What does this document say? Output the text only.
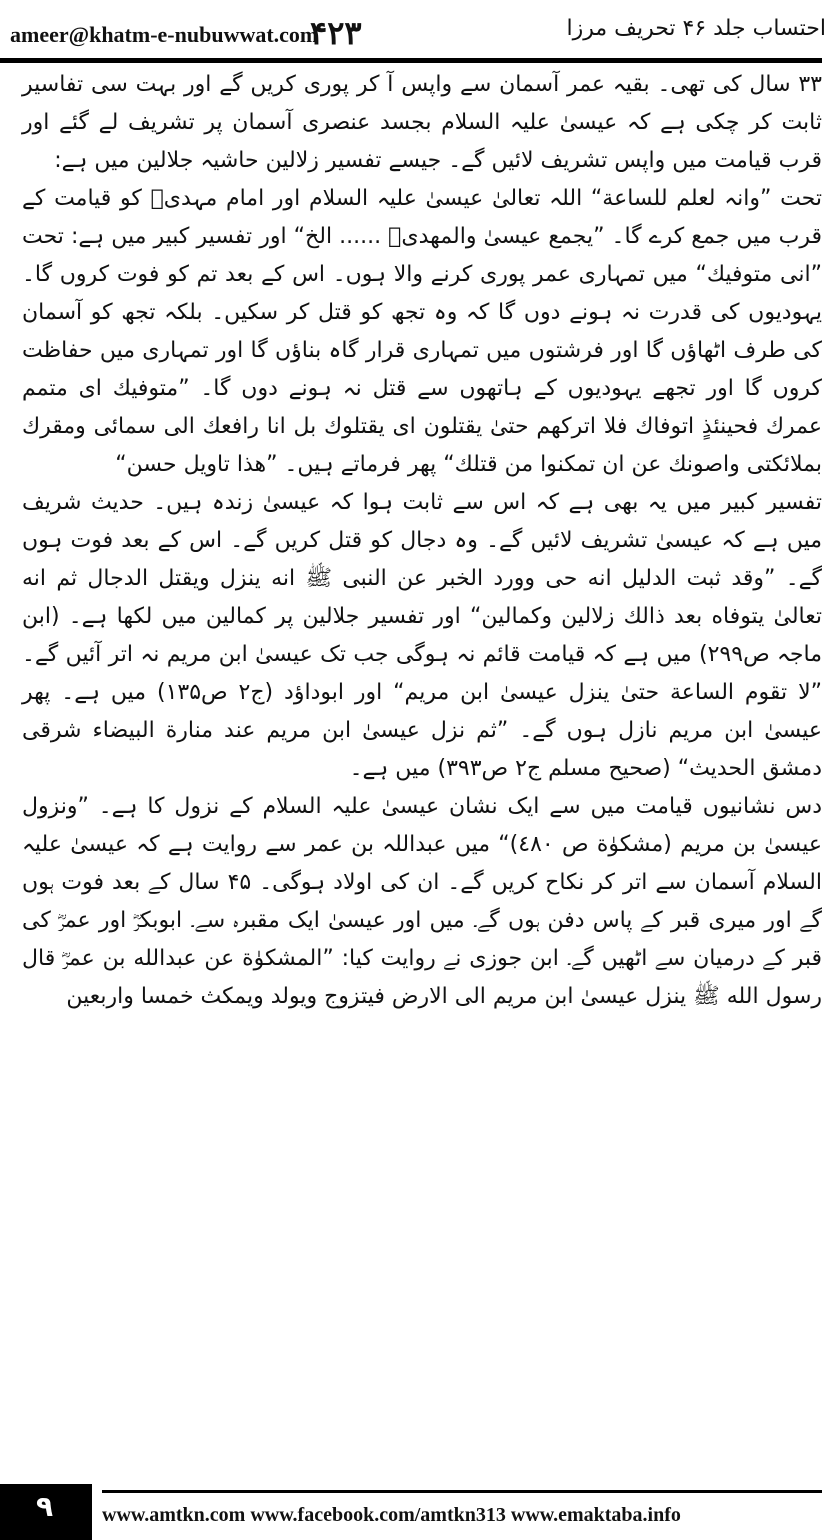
ameer@khatm-e-nubuwwat.com
۴۲۳	احتساب جلد ۴۶ تحریف مرزا

۳۳ سال کی تھی۔ بقیہ عمر آسمان سے واپس آ کر پوری کریں گے اور بہت سی تفاسیر ثابت کر چکی ہے کہ عیسیٰ علیہ السلام بجسد عنصری آسمان پر تشریف لے گئے اور قرب قیامت میں واپس تشریف لائیں گے۔ جیسے تفسیر زلالین حاشیہ جلالین میں ہے:

تحت ”وانہ لعلم للساعة“ اللہ تعالیٰ عیسیٰ علیہ السلام اور امام مہدیؒ کو قیامت کے قرب میں جمع کرے گا۔ ”یجمع عیسیٰ والمهدیؒ ...... الخ“ اور تفسیر کبیر میں ہے: تحت ”انی متوفیك“ میں تمہاری عمر پوری کرنے والا ہوں۔ اس کے بعد تم کو فوت کروں گا۔ یہودیوں کی قدرت نہ ہونے دوں گا کہ وہ تجھ کو قتل کر سکیں۔ بلکہ تجھ کو آسمان کی طرف اٹھاؤں گا اور فرشتوں میں تمہاری قرار گاہ بناؤں گا اور تمہاری میں حفاظت کروں گا اور تجھے یہودیوں کے ہاتھوں سے قتل نہ ہونے دوں گا۔ ”متوفیك ای متمم عمرك فحینئذٍ اتوفاك فلا اترکهم حتیٰ یقتلون ای یقتلوك بل انا رافعك الی سمائی ومقرك بملائكتی واصونك عن ان تمكنوا من قتلك“ پھر فرماتے ہیں۔ ”هذا تاویل حسن“

تفسیر کبیر میں یہ بھی ہے کہ اس سے ثابت ہوا کہ عیسیٰ زندہ ہیں۔ حدیث شریف میں ہے کہ عیسیٰ تشریف لائیں گے۔ وہ دجال کو قتل کریں گے۔ اس کے بعد فوت ہوں گے۔ ”وقد ثبت الدلیل انه حی وورد الخبر عن النبی ﷺ انه ینزل ویقتل الدجال ثم انه تعالیٰ یتوفاه بعد ذالك زلالین وكمالین“ اور تفسیر جلالین پر کمالین میں لکھا ہے۔ (ابن ماجہ ص۲۹۹) میں ہے کہ قیامت قائم نہ ہوگی جب تک عیسیٰ ابن مریم نہ اتر آئیں گے۔ ”لا تقوم الساعة حتیٰ ینزل عیسیٰ ابن مریم“ اور ابوداؤد (ج۲ ص۱۳۵) میں ہے۔ پھر عیسیٰ ابن مریم نازل ہوں گے۔ ”ثم نزل عیسیٰ ابن مریم عند منارة البیضاء شرقی دمشق الحدیث“ (صحیح مسلم ج۲ ص۳۹۳) میں ہے۔

دس نشانیوں قیامت میں سے ایک نشان عیسیٰ علیہ السلام کے نزول کا ہے۔ ”ونزول عیسیٰ بن مریم (مشكوٰة ص ٤٨٠)“ میں عبداللہ بن عمر سے روایت ہے کہ عیسیٰ علیہ السلام آسمان سے اتر کر نکاح کریں گے۔ ان کی اولاد ہوگی۔ ۴۵ سال کے بعد فوت ہوں گے اور میری قبر کے پاس دفن ہوں گے۔ میں اور عیسیٰ ایک مقبرہ سے۔ ابوبکرؓ اور عمرؓ کی قبر کے درمیان سے اٹھیں گے۔ ابن جوزی نے روایت کیا: ”المشكوٰة عن عبدالله بن عمرؓ قال رسول الله ﷺ ینزل عیسیٰ ابن مریم الی الارض فیتزوج ویولد ویمكث خمسا واربعین

۹ www.amtkn.com www.facebook.com/amtkn313 www.emaktaba.info
